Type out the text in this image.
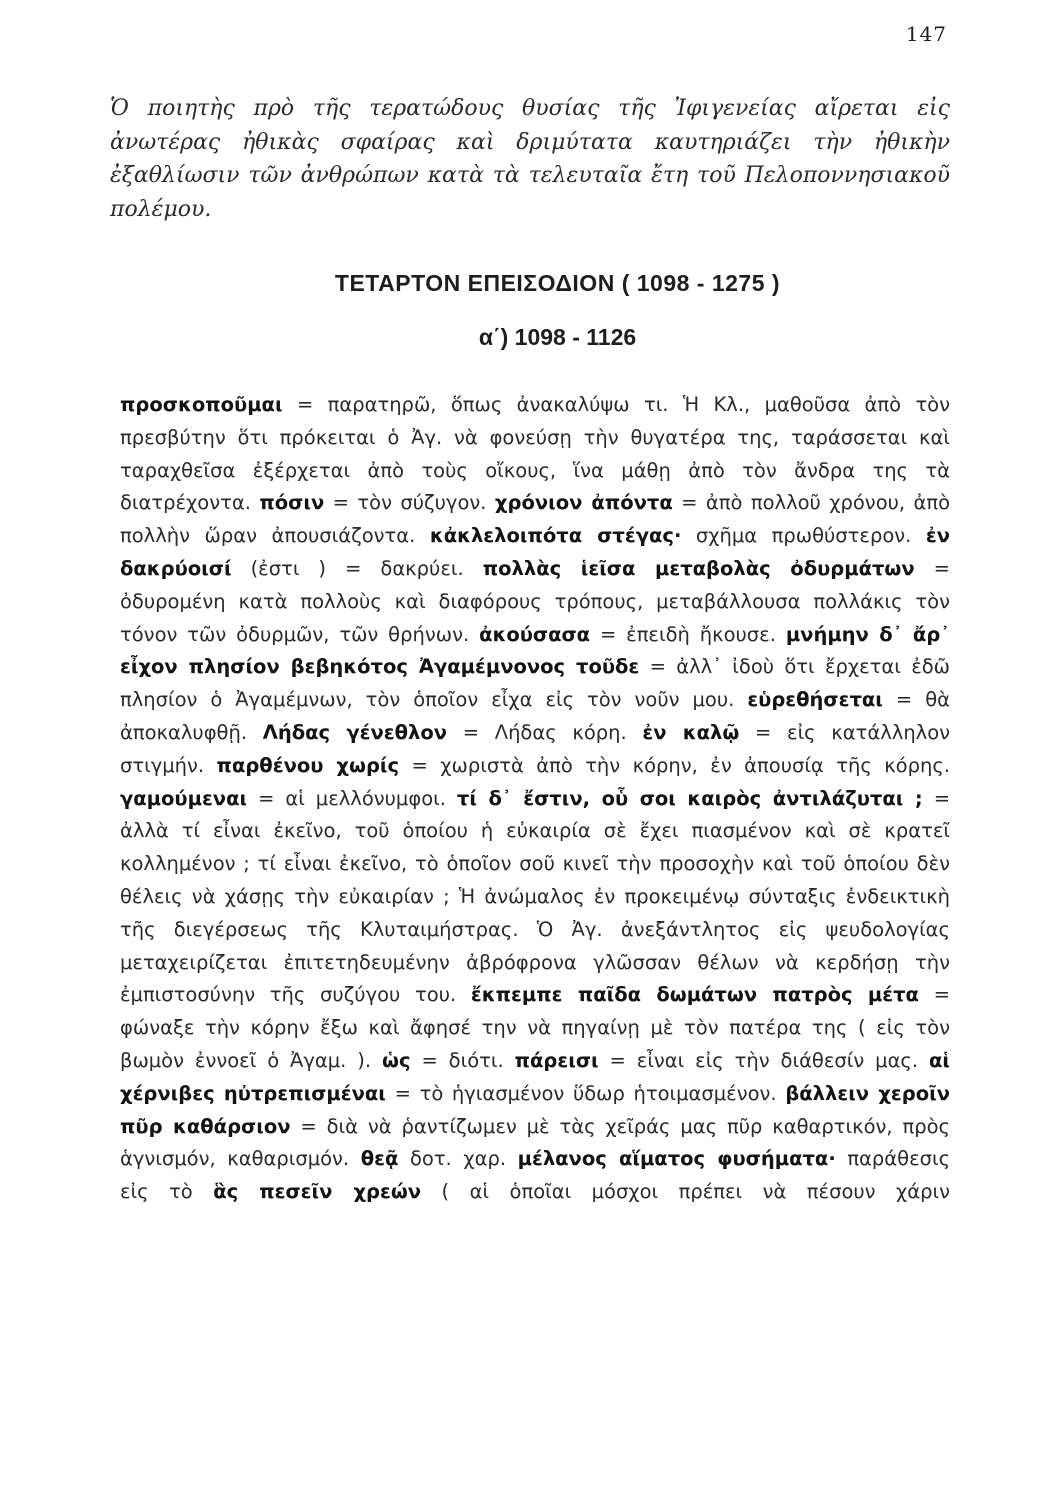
147
Ὁ ποιητὴς πρὸ τῆς τερατώδους θυσίας τῆς Ἰφιγενείας αἴρεται εἰς ἀνωτέρας ἠθικὰς σφαίρας καὶ δριμύτατα καυτηριάζει τὴν ἠθικὴν ἐξαθλίωσιν τῶν ἀνθρώπων κατὰ τὰ τελευταῖα ἔτη τοῦ Πελοποννησιακοῦ πολέμου.
ΤΕΤΑΡΤΟΝ ΕΠΕΙΣΟΔΙΟΝ ( 1098 - 1275 )
α΄) 1098 - 1126
προσκοποῦμαι = παρατηρῶ, ὅπως ἀνακαλύψω τι. Ἡ Κλ., μαθοῦσα ἀπὸ τὸν πρεσβύτην ὅτι πρόκειται ὁ Ἀγ. νὰ φονεύσῃ τὴν θυγατέρα της, ταράσσεται καὶ ταραχθεῖσα ἐξέρχεται ἀπὸ τοὺς οἴκους, ἵνα μάθῃ ἀπὸ τὸν ἄνδρα της τὰ διατρέχοντα. πόσιν = τὸν σύζυγον. χρόνιον ἀπόντα = ἀπὸ πολλοῦ χρόνου, ἀπὸ πολλὴν ὥραν ἀπουσιάζοντα. κἀκλελοιπότα στέγας· σχῆμα πρωθύστερον. ἐν δακρύοισί (ἐστι ) = δακρύει. πολλὰς ἱεῖσα μεταβολὰς ὀδυρμάτων = ὀδυρομένη κατὰ πολλοὺς καὶ διαφόρους τρόπους, μεταβάλλουσα πολλάκις τὸν τόνον τῶν ὀδυρμῶν, τῶν θρήνων. ἀκούσασα = ἐπειδὴ ἤκουσε. μνήμην δ᾽ ἄρ᾽ εἶχον πλησίον βεβηκότος Ἀγαμέμνονος τοῦδε = ἀλλ᾽ ἰδοὺ ὅτι ἔρχεται ἐδῶ πλησίον ὁ Ἀγαμέμνων, τὸν ὁποῖον εἶχα εἰς τὸν νοῦν μου. εὑρεθήσεται = θὰ ἀποκαλυφθῇ. Λήδας γένεθλον = Λήδας κόρη. ἐν καλῷ = εἰς κατάλληλον στιγμήν. παρθένου χωρίς = χωριστὰ ἀπὸ τὴν κόρην, ἐν ἀπουσίᾳ τῆς κόρης. γαμούμεναι = αἱ μελλόνυμφοι. τί δ᾽ ἔστιν, οὗ σοι καιρὸς ἀντιλάζυται ; = ἀλλὰ τί εἶναι ἐκεῖνο, τοῦ ὁποίου ἡ εὐκαιρία σὲ ἔχει πιασμένον καὶ σὲ κρατεῖ κολλημένον ; τί εἶναι ἐκεῖνο, τὸ ὁποῖον σοῦ κινεῖ τὴν προσοχὴν καὶ τοῦ ὁποίου δὲν θέλεις νὰ χάσῃς τὴν εὐκαιρίαν ; Ἡ ἀνώμαλος ἐν προκειμένῳ σύνταξις ἐνδεικτικὴ τῆς διεγέρσεως τῆς Κλυταιμήστρας. Ὁ Ἀγ. ἀνεξάντλητος εἰς ψευδολογίας μεταχειρίζεται ἐπιτετηδευμένην ἀβρόφρονα γλῶσσαν θέλων νὰ κερδήσῃ τὴν ἐμπιστοσύνην τῆς συζύγου του. ἔκπεμπε παῖδα δωμάτων πατρὸς μέτα = φώναξε τὴν κόρην ἔξω καὶ ἄφησέ την νὰ πηγαίνῃ μὲ τὸν πατέρα της ( εἰς τὸν βωμὸν ἐννοεῖ ὁ Ἀγαμ. ). ὡς = διότι. πάρεισι = εἶναι εἰς τὴν διάθεσίν μας. αἱ χέρνιβες ηὐτρεπισμέναι = τὸ ἡγιασμένον ὕδωρ ἡτοιμασμένον. βάλλειν χεροῖν πῦρ καθάρσιον = διὰ νὰ ῥαντίζωμεν μὲ τὰς χεῖράς μας πῦρ καθαρτικόν, πρὸς ἁγνισμόν, καθαρισμόν. θεᾷ δοτ. χαρ. μέλανος αἵματος φυσήματα· παράθεσις εἰς τὸ ἃς πεσεῖν χρεών ( αἱ ὁποῖαι μόσχοι πρέπει νὰ πέσουν χάριν
